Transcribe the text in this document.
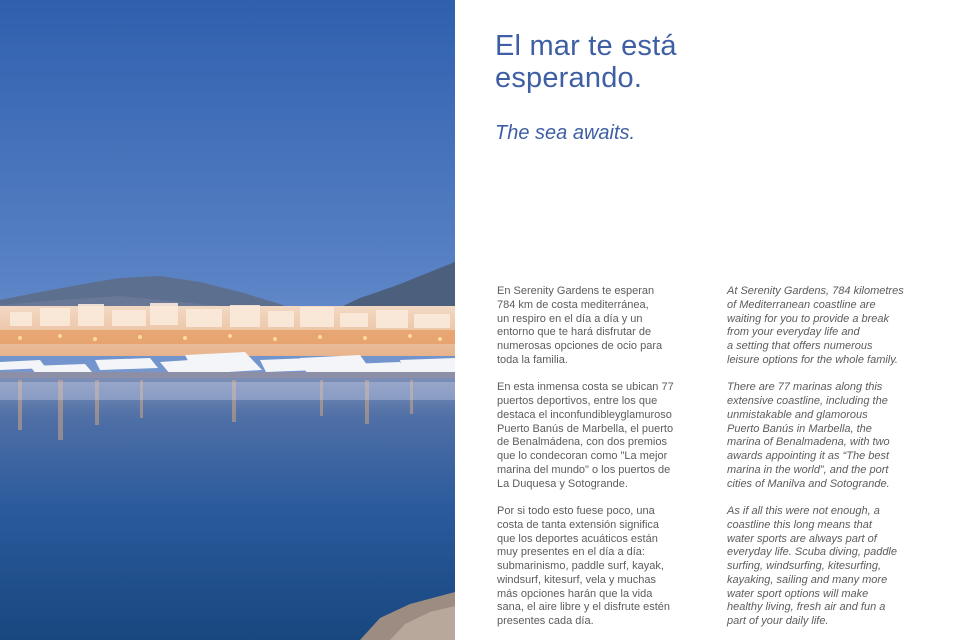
El mar te está
esperando.
The sea awaits.

En Serenity Gardens te esperan
784 km de costa mediterránea,
un respiro en el día a día y un
entorno que te hará disfrutar de
numerosas opciones de ocio para
toda la familia.

En esta inmensa costa se ubican 77
puertos deportivos, entre los que
destaca el inconfundibleyglamuroso
Puerto Banús de Marbella, el puerto
de Benalmádena, con dos premios
que lo condecoran como "La mejor
marina del mundo" o los puertos de
La Duquesa y Sotogrande.

Por si todo esto fuese poco, una
costa de tanta extensión significa
que los deportes acuáticos están
muy presentes en el día a día:
submarinismo, paddle surf, kayak,
windsurf, kitesurf, vela y muchas
más opciones harán que la vida
sana, el aire libre y el disfrute estén
presentes cada día.

At Serenity Gardens, 784 kilometres
of Mediterranean coastline are
waiting for you to provide a break
from your everyday life and
a setting that offers numerous
leisure options for the whole family.

There are 77 marinas along this
extensive coastline, including the
unmistakable and glamorous
Puerto Banús in Marbella, the
marina of Benalmadena, with two
awards appointing it as “The best
marina in the world”, and the port
cities of Manilva and Sotogrande.

As if all this were not enough, a
coastline this long means that
water sports are always part of
everyday life. Scuba diving, paddle
surfing, windsurfing, kitesurfing,
kayaking, sailing and many more
water sport options will make
healthy living, fresh air and fun a
part of your daily life.
